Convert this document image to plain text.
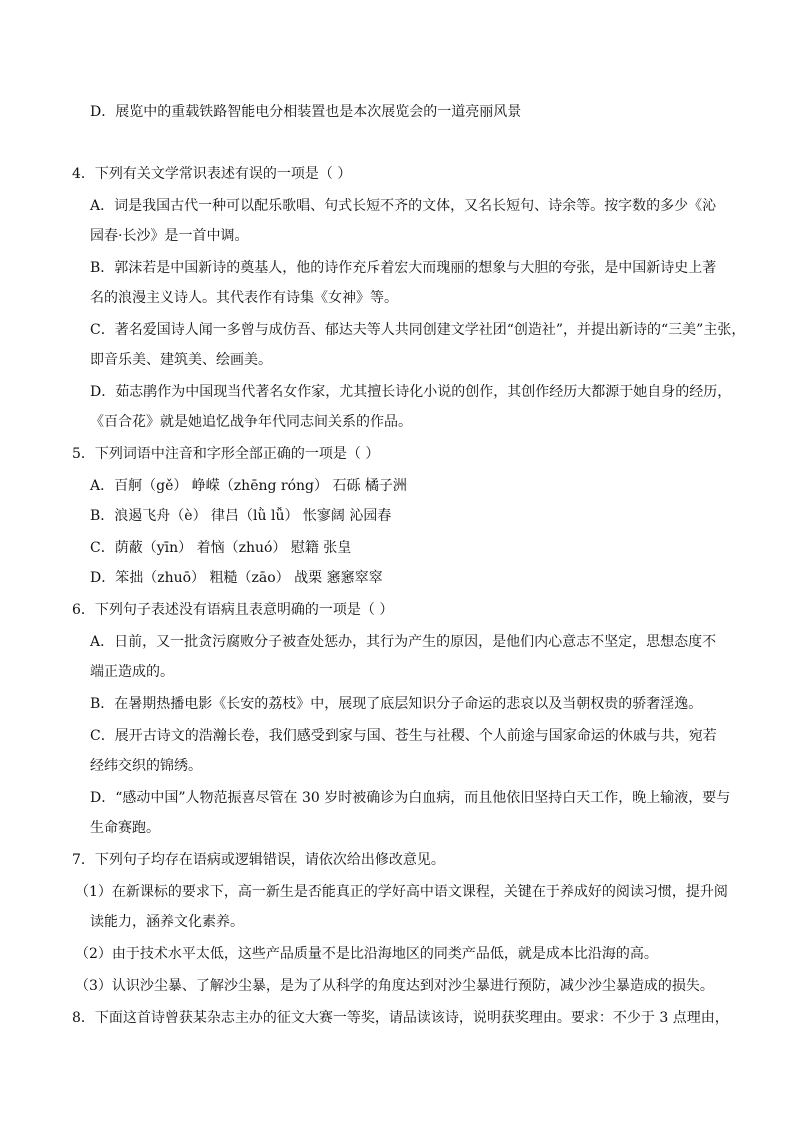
D．展览中的重载铁路智能电分相装置也是本次展览会的一道亮丽风景
4．下列有关文学常识表述有误的一项是（ ）
A．词是我国古代一种可以配乐歌唱、句式长短不齐的文体，又名长短句、诗余等。按字数的多少《沁
园春·长沙》是一首中调。
B．郭沫若是中国新诗的奠基人，他的诗作充斥着宏大而瑰丽的想象与大胆的夸张，是中国新诗史上著
名的浪漫主义诗人。其代表作有诗集《女神》等。
C．著名爱国诗人闻一多曾与成仿吾、郁达夫等人共同创建文学社团“创造社”，并提出新诗的“三美”主张，
即音乐美、建筑美、绘画美。
D．茹志鹃作为中国现当代著名女作家，尤其擅长诗化小说的创作，其创作经历大都源于她自身的经历，
《百合花》就是她追忆战争年代同志间关系的作品。
5．下列词语中注音和字形全部正确的一项是（ ）
A．百舸（gě） 峥嵘（zhēng róng） 石砾 橘子洲
B．浪遏飞舟（è） 律吕（lǜ lǚ） 怅寥阔 沁园春
C．荫蔽（yīn） 着恼（zhuó） 慰籍 张皇
D．笨拙（zhuō） 粗糙（zāo） 战栗 窸窸窣窣
6．下列句子表述没有语病且表意明确的一项是（ ）
A．日前，又一批贪污腐败分子被查处惩办，其行为产生的原因，是他们内心意志不坚定，思想态度不
端正造成的。
B．在暑期热播电影《长安的荔枝》中，展现了底层知识分子命运的悲哀以及当朝权贵的骄奢淫逸。
C．展开古诗文的浩瀚长卷，我们感受到家与国、苍生与社稷、个人前途与国家命运的休戚与共，宛若
经纬交织的锦绣。
D．“感动中国”人物范振喜尽管在 30 岁时被确诊为白血病，而且他依旧坚持白天工作，晚上输液，要与
生命赛跑。
7．下列句子均存在语病或逻辑错误，请依次给出修改意见。
（1）在新课标的要求下，高一新生是否能真正的学好高中语文课程，关键在于养成好的阅读习惯，提升阅
读能力，涵养文化素养。
（2）由于技术水平太低，这些产品质量不是比沿海地区的同类产品低，就是成本比沿海的高。
（3）认识沙尘暴、了解沙尘暴，是为了从科学的角度达到对沙尘暴进行预防，减少沙尘暴造成的损失。
8．下面这首诗曾获某杂志主办的征文大赛一等奖，请品读该诗，说明获奖理由。要求：不少于 3 点理由，
